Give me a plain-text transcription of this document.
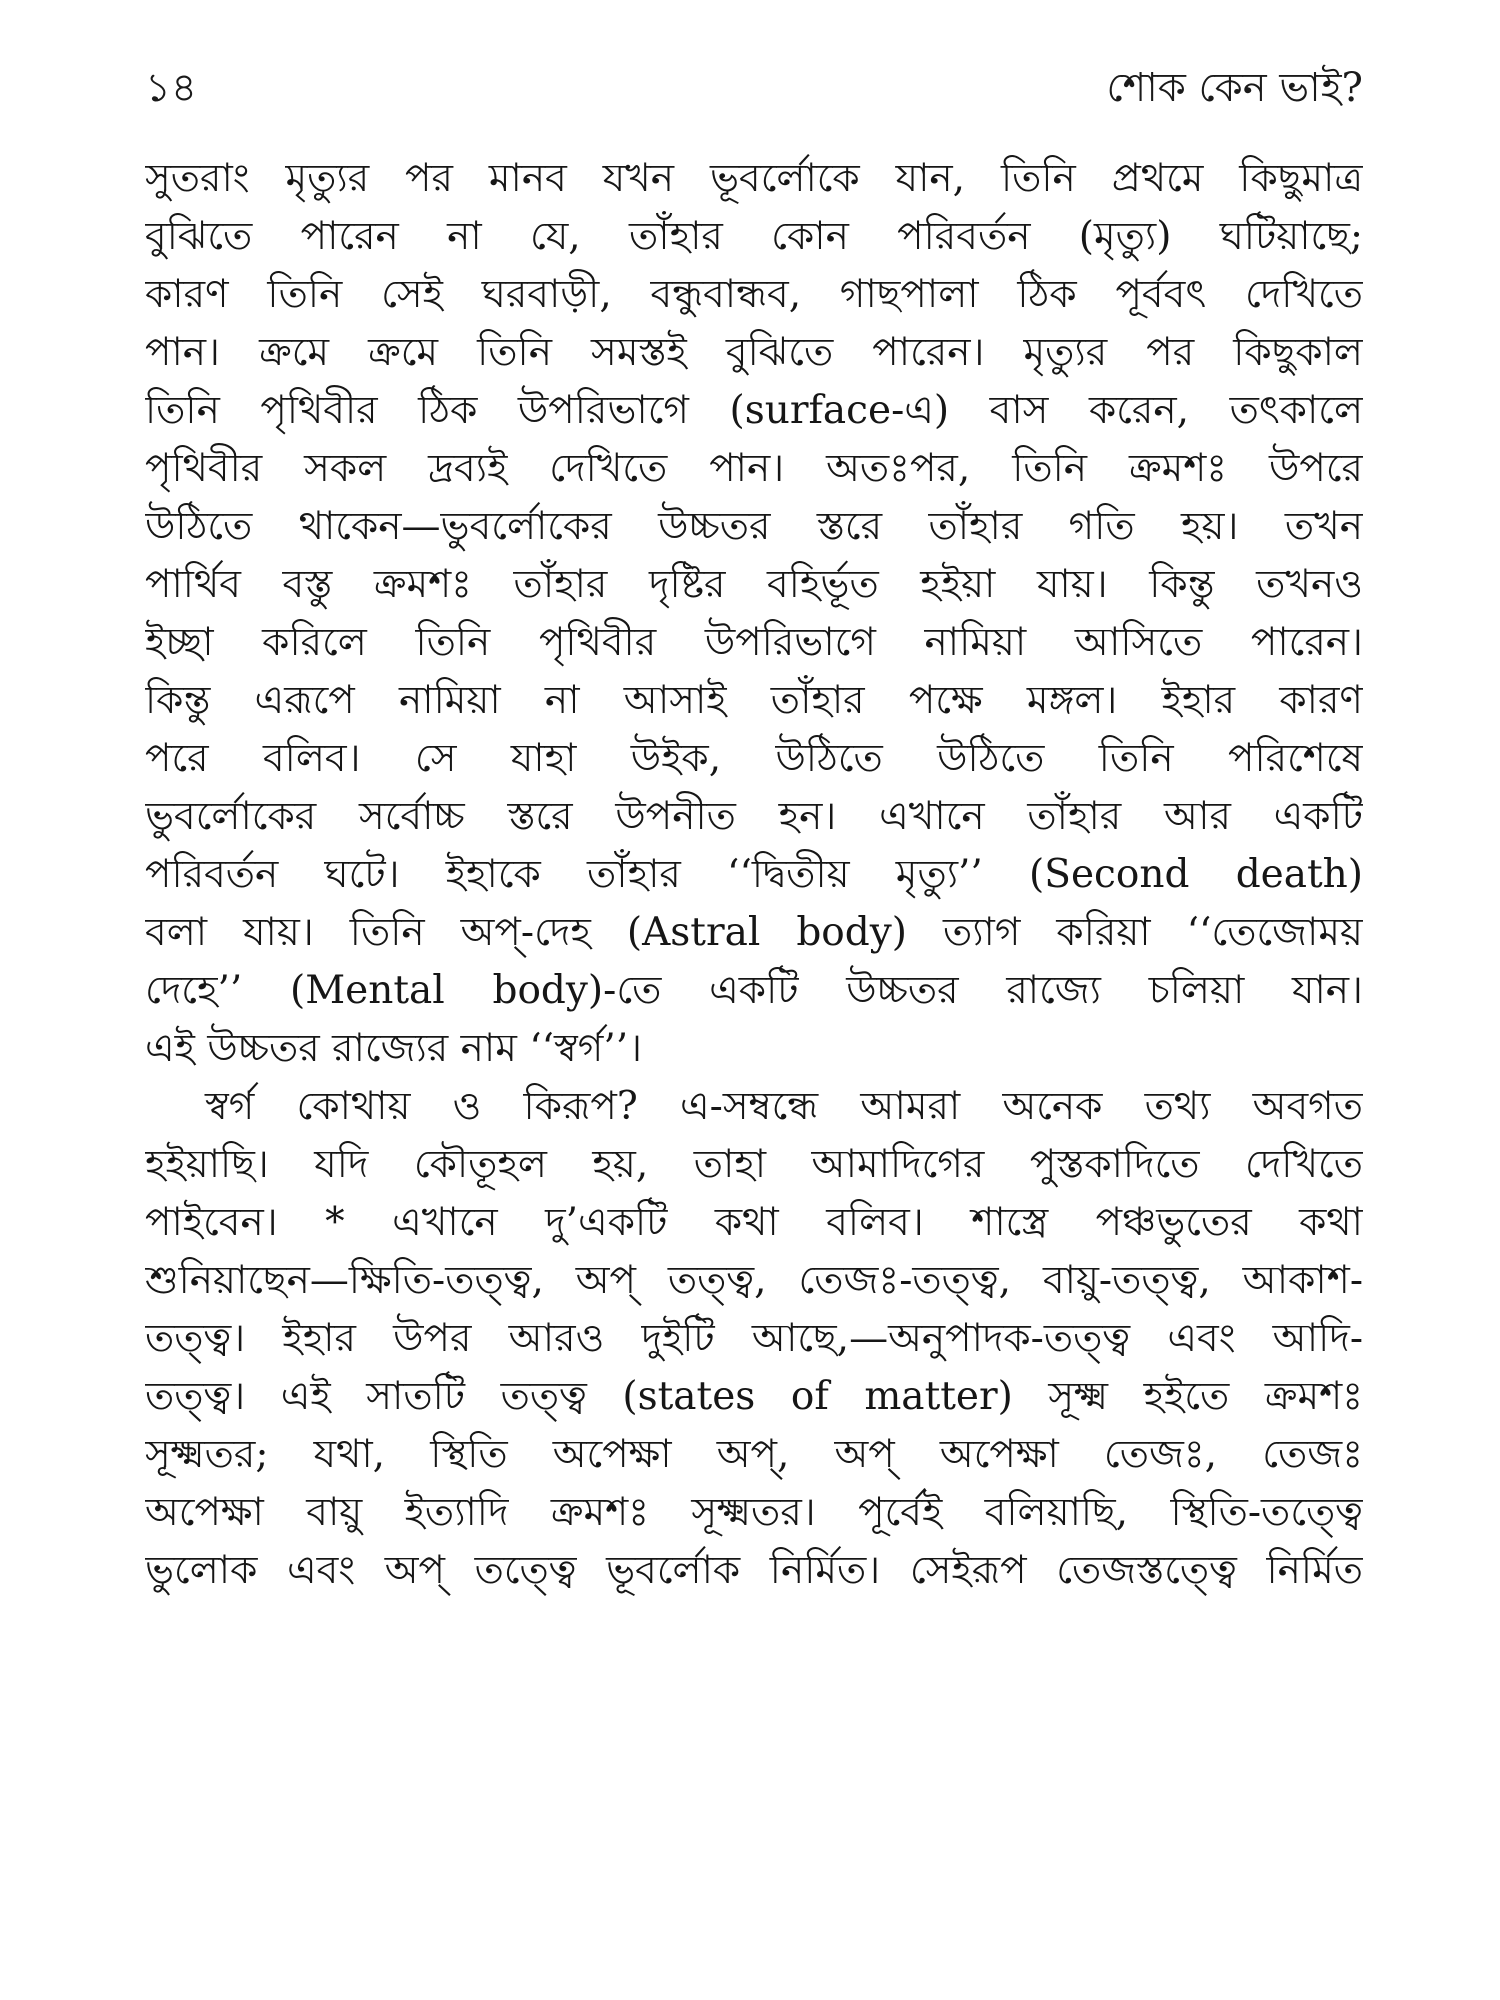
১৪	শোক কেন ভাই?
সুতরাং মৃত্যুর পর মানব যখন ভূবর্লোকে যান, তিনি প্রথমে কিছুমাত্র
বুঝিতে পারেন না যে, তাঁহার কোন পরিবর্তন (মৃত্যু) ঘটিয়াছে;
কারণ তিনি সেই ঘরবাড়ী, বন্ধুবান্ধব, গাছপালা ঠিক পূর্ববৎ দেখিতে
পান। ক্রমে ক্রমে তিনি সমস্তই বুঝিতে পারেন। মৃত্যুর পর কিছুকাল
তিনি পৃথিবীর ঠিক উপরিভাগে (surface-এ) বাস করেন, তৎকালে
পৃথিবীর সকল দ্রব্যই দেখিতে পান। অতঃপর, তিনি ক্রমশঃ উপরে
উঠিতে থাকেন—ভুবর্লোকের উচ্চতর স্তরে তাঁহার গতি হয়। তখন
পার্থিব বস্তু ক্রমশঃ তাঁহার দৃষ্টির বহির্ভূত হইয়া যায়। কিন্তু তখনও
ইচ্ছা করিলে তিনি পৃথিবীর উপরিভাগে নামিয়া আসিতে পারেন।
কিন্তু এরূপে নামিয়া না আসাই তাঁহার পক্ষে মঙ্গল। ইহার কারণ
পরে বলিব। সে যাহা উইক, উঠিতে উঠিতে তিনি পরিশেষে
ভুবর্লোকের সর্বোচ্চ স্তরে উপনীত হন। এখানে তাঁহার আর একটি
পরিবর্তন ঘটে। ইহাকে তাঁহার ‘‘দ্বিতীয় মৃত্যু’’ (Second death)
বলা যায়। তিনি অপ্-দেহ (Astral body) ত্যাগ করিয়া ‘‘তেজোময়
দেহে’’ (Mental body)-তে একটি উচ্চতর রাজ্যে চলিয়া যান।
এই উচ্চতর রাজ্যের নাম ‘‘স্বর্গ’’।
স্বর্গ কোথায় ও কিরূপ? এ-সম্বন্ধে আমরা অনেক তথ্য অবগত
হইয়াছি। যদি কৌতূহল হয়, তাহা আমাদিগের পুস্তকাদিতে দেখিতে
পাইবেন। * এখানে দু’একটি কথা বলিব। শাস্ত্রে পঞ্চভুতের কথা
শুনিয়াছেন—ক্ষিতি-তত্ত্ব, অপ্ তত্ত্ব, তেজঃ-তত্ত্ব, বায়ু-তত্ত্ব, আকাশ-
তত্ত্ব। ইহার উপর আরও দুইটি আছে,—অনুপাদক-তত্ত্ব এবং আদি-
তত্ত্ব। এই সাতটি তত্ত্ব (states of matter) সূক্ষ্ম হইতে ক্রমশঃ
সূক্ষ্মতর; যথা, স্থিতি অপেক্ষা অপ্, অপ্ অপেক্ষা তেজঃ, তেজঃ
অপেক্ষা বায়ু ইত্যাদি ক্রমশঃ সূক্ষ্মতর। পূর্বেই বলিয়াছি, স্থিতি-তত্ত্বে
ভুলোক এবং অপ্ তত্ত্বে ভূবর্লোক নির্মিত। সেইরূপ তেজস্তত্ত্বে নির্মিত
